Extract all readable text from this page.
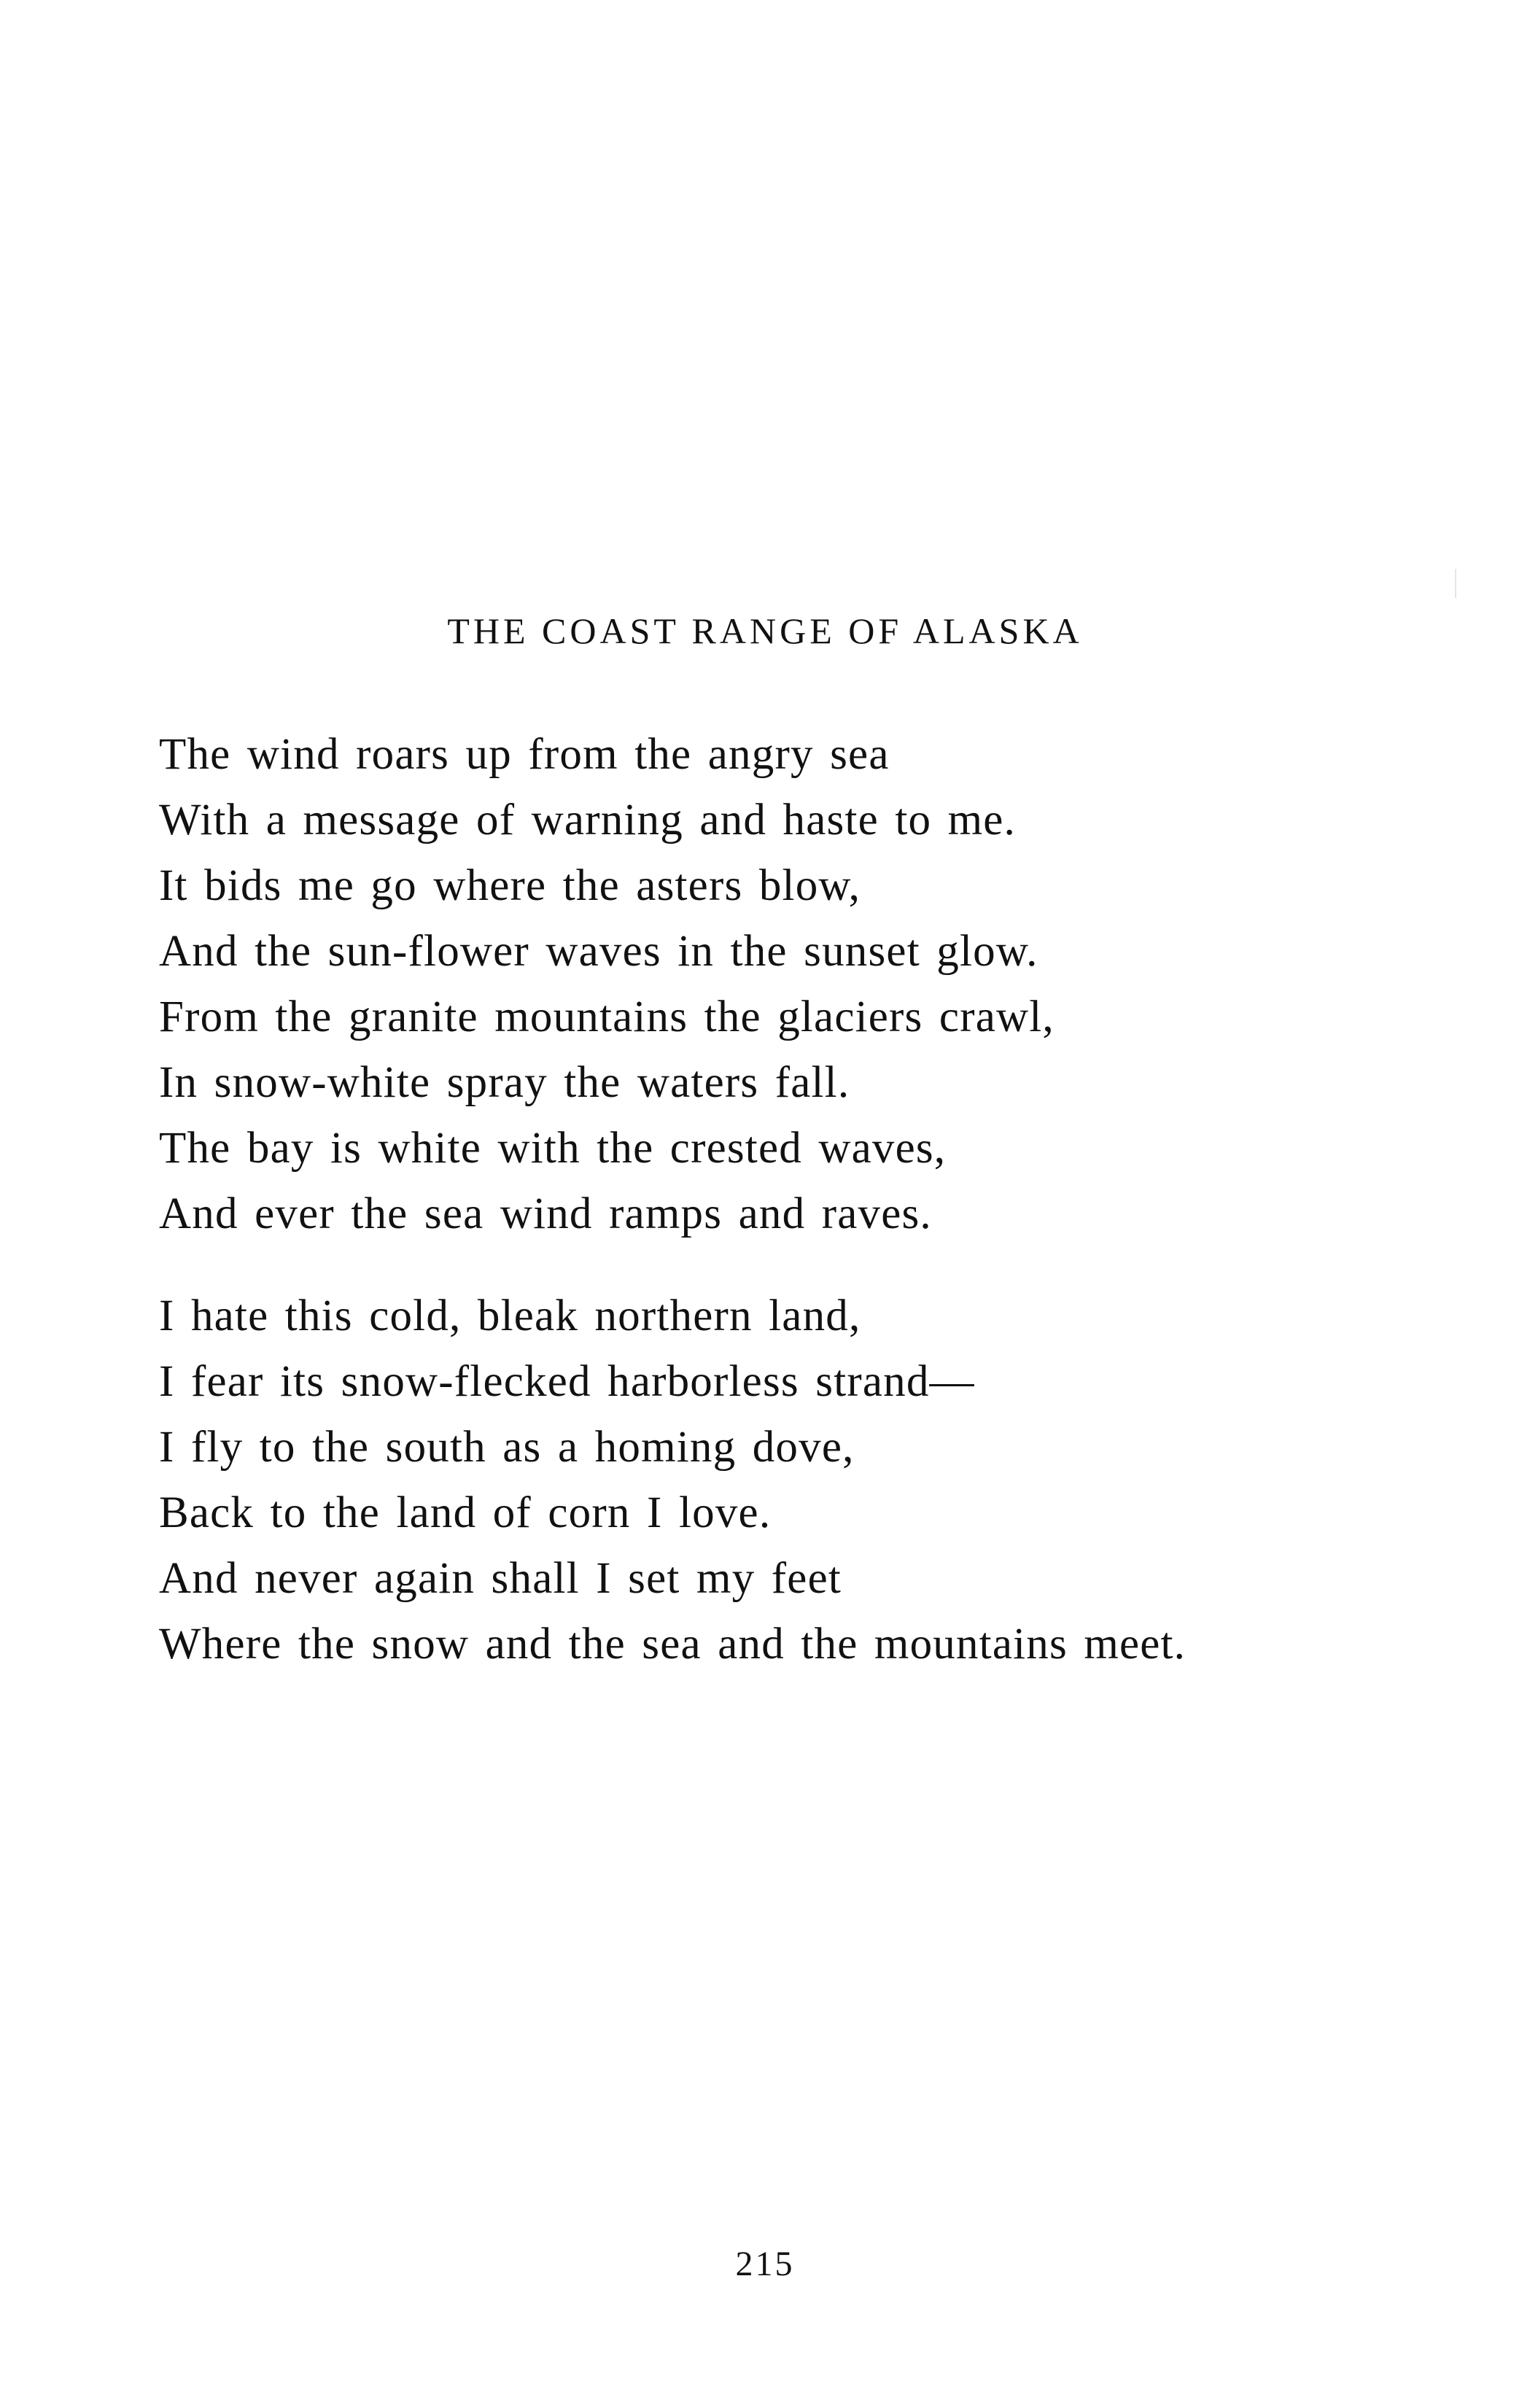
THE COAST RANGE OF ALASKA
The wind roars up from the angry sea
With a message of warning and haste to me.
It bids me go where the asters blow,
And the sun-flower waves in the sunset glow.
From the granite mountains the glaciers crawl,
In snow-white spray the waters fall.
The bay is white with the crested waves,
And ever the sea wind ramps and raves.
I hate this cold, bleak northern land,
I fear its snow-flecked harborless strand—
I fly to the south as a homing dove,
Back to the land of corn I love.
And never again shall I set my feet
Where the snow and the sea and the mountains meet.
215
